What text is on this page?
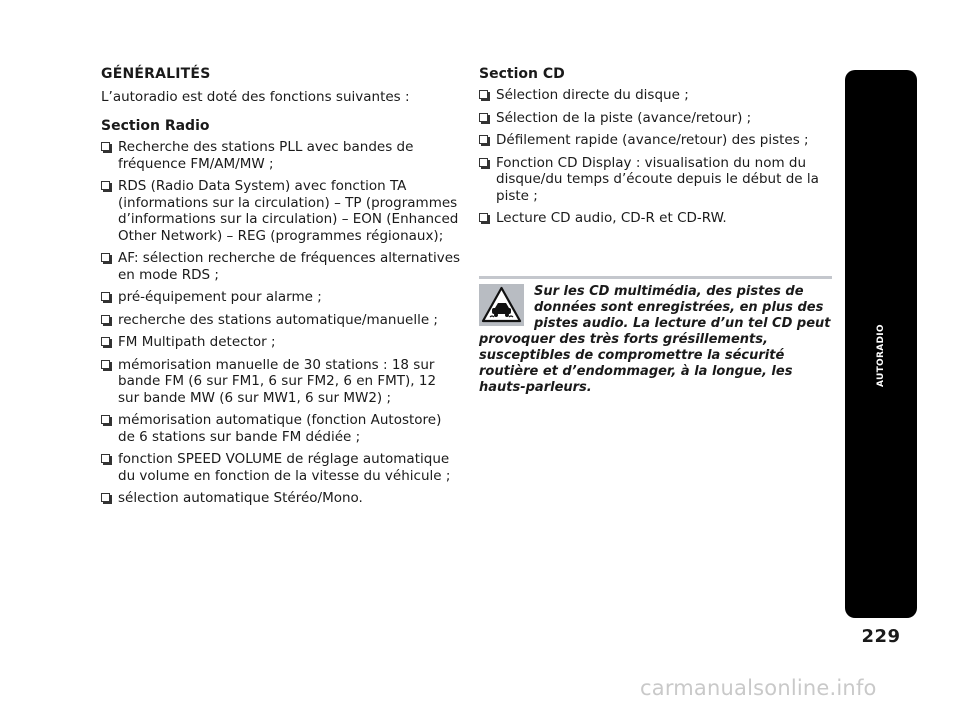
GÉNÉRALITÉS
L’autoradio est doté des fonctions suivantes :
Section Radio
Recherche des stations PLL avec bandes de fréquence FM/AM/MW ;
RDS (Radio Data System) avec fonction TA (informations sur la circulation) – TP (programmes d’informations sur la circulation) – EON (Enhanced Other Network) – REG (programmes régionaux);
AF: sélection recherche de fréquences alternatives en mode RDS ;
pré-équipement pour alarme ;
recherche des stations automatique/manuelle ;
FM Multipath detector ;
mémorisation manuelle de 30 stations : 18 sur bande FM (6 sur FM1, 6 sur FM2, 6 en FMT), 12 sur bande MW (6 sur MW1, 6 sur MW2) ;
mémorisation automatique (fonction Autostore) de 6 stations sur bande FM dédiée ;
fonction SPEED VOLUME de réglage automatique du volume en fonction de la vitesse du véhicule ;
sélection automatique Stéréo/Mono.
Section CD
Sélection directe du disque ;
Sélection de la piste (avance/retour) ;
Défilement rapide (avance/retour) des pistes ;
Fonction CD Display : visualisation du nom du disque/du temps d’écoute depuis le début de la piste ;
Lecture CD audio, CD-R et CD-RW.
Sur les CD multimédia, des pistes de données sont enregistrées, en plus des pistes audio. La lecture d’un tel CD peut
provoquer des très forts grésillements, susceptibles de compromettre la sécurité routière et d’endommager, à la longue, les hauts-parleurs.
AUTORADIO
229
carmanualsonline.info
